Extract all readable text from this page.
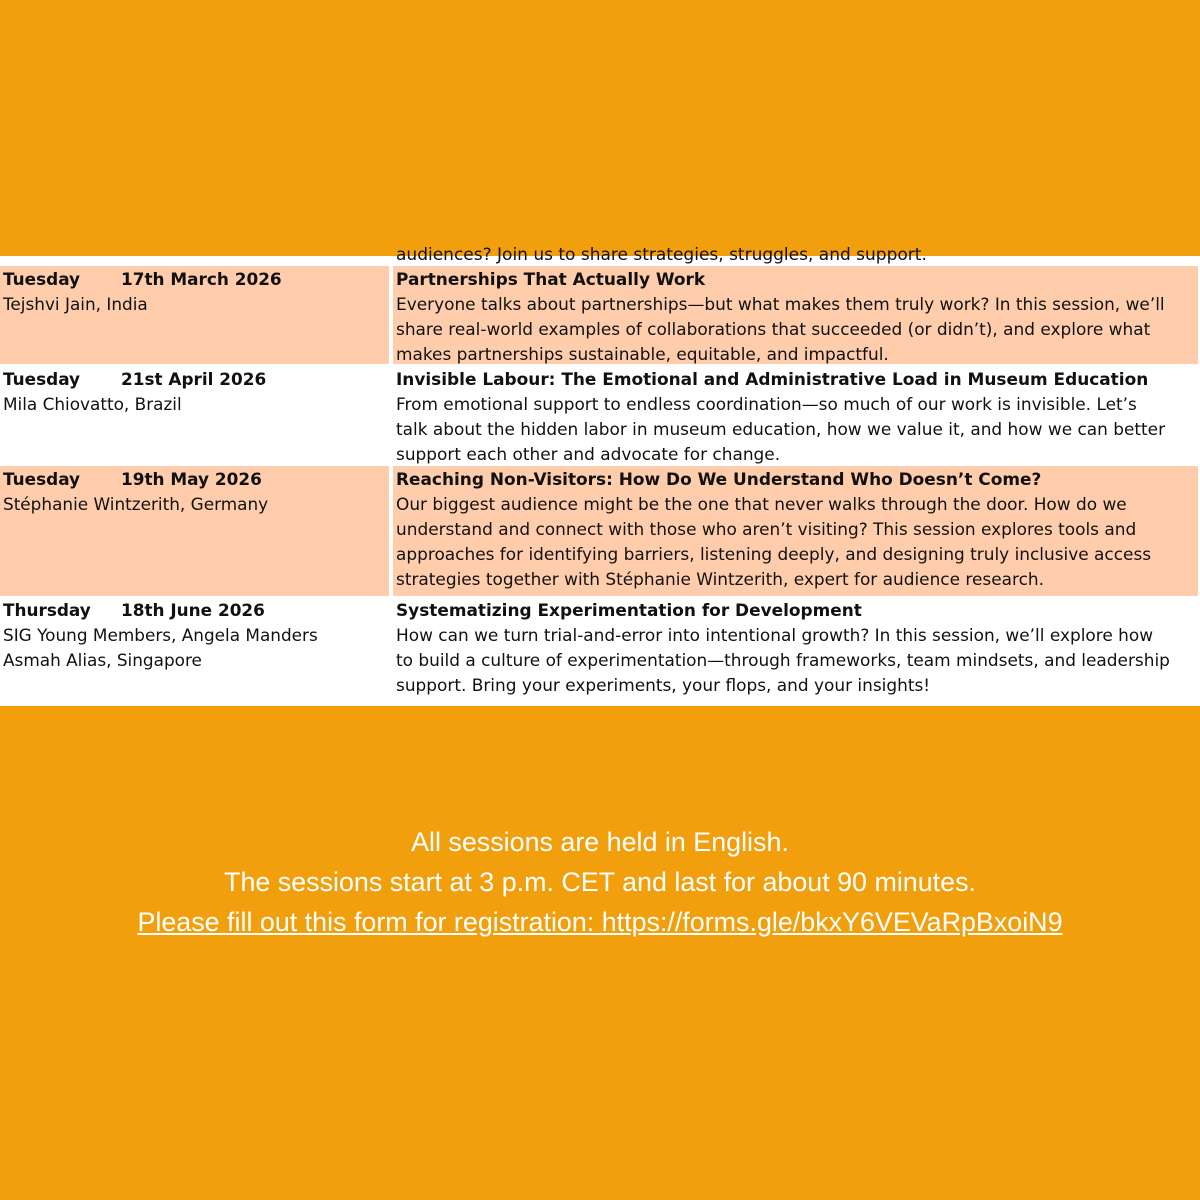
audiences? Join us to share strategies, struggles, and support.
Tuesday 17th March 2026
Tejshvi Jain, India
Partnerships That Actually Work
Everyone talks about partnerships—but what makes them truly work? In this session, we’ll
share real-world examples of collaborations that succeeded (or didn’t), and explore what
makes partnerships sustainable, equitable, and impactful.
Tuesday 21st April 2026
Mila Chiovatto, Brazil
Invisible Labour: The Emotional and Administrative Load in Museum Education
From emotional support to endless coordination—so much of our work is invisible. Let’s
talk about the hidden labor in museum education, how we value it, and how we can better
support each other and advocate for change.
Tuesday 19th May 2026
Stéphanie Wintzerith, Germany
Reaching Non-Visitors: How Do We Understand Who Doesn’t Come?
Our biggest audience might be the one that never walks through the door. How do we
understand and connect with those who aren’t visiting? This session explores tools and
approaches for identifying barriers, listening deeply, and designing truly inclusive access
strategies together with Stéphanie Wintzerith, expert for audience research.
Thursday 18th June 2026
SIG Young Members, Angela Manders
Asmah Alias, Singapore
Systematizing Experimentation for Development
How can we turn trial-and-error into intentional growth? In this session, we’ll explore how
to build a culture of experimentation—through frameworks, team mindsets, and leadership
support. Bring your experiments, your flops, and your insights!
All sessions are held in English.
The sessions start at 3 p.m. CET and last for about 90 minutes.
Please fill out this form for registration: https://forms.gle/bkxY6VEVaRpBxoiN9
